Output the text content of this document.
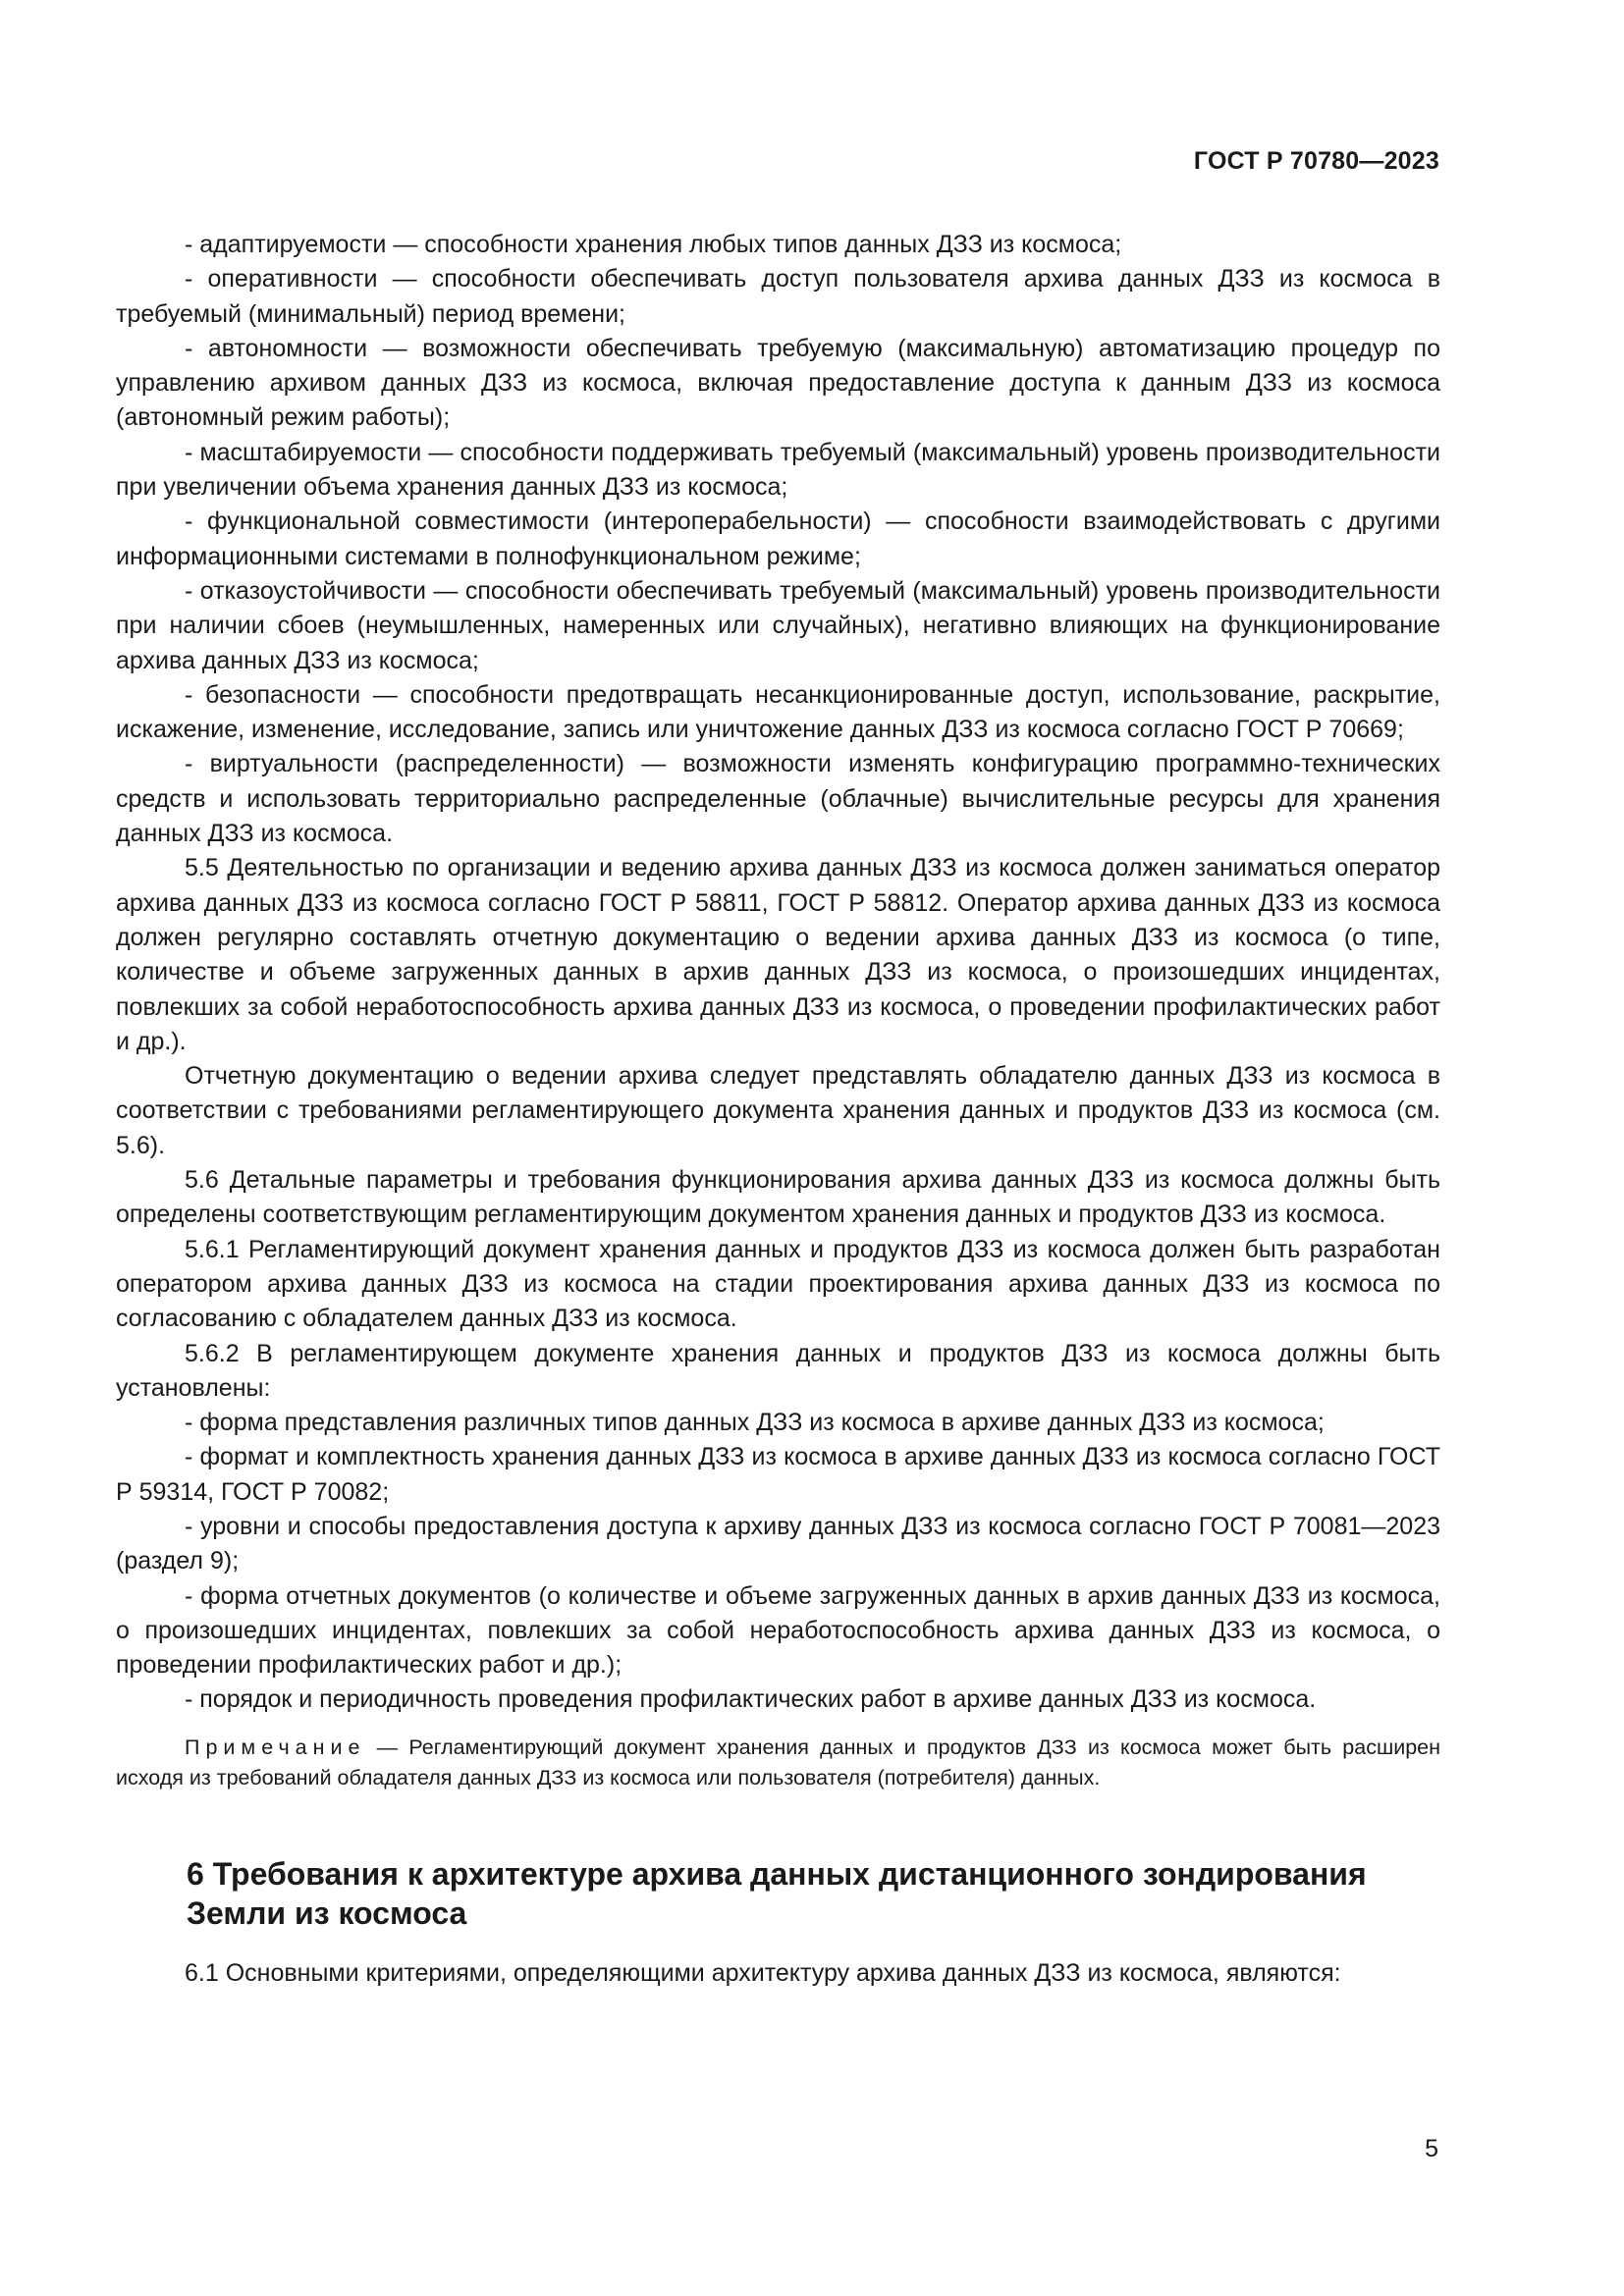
ГОСТ Р 70780—2023

- адаптируемости — способности хранения любых типов данных ДЗЗ из космоса;

- оперативности — способности обеспечивать доступ пользователя архива данных ДЗЗ из космоса в требуемый (минимальный) период времени;

- автономности — возможности обеспечивать требуемую (максимальную) автоматизацию процедур по управлению архивом данных ДЗЗ из космоса, включая предоставление доступа к данным ДЗЗ из космоса (автономный режим работы);

- масштабируемости — способности поддерживать требуемый (максимальный) уровень производительности при увеличении объема хранения данных ДЗЗ из космоса;

- функциональной совместимости (интероперабельности) — способности взаимодействовать с другими информационными системами в полнофункциональном режиме;

- отказоустойчивости — способности обеспечивать требуемый (максимальный) уровень производительности при наличии сбоев (неумышленных, намеренных или случайных), негативно влияющих на функционирование архива данных ДЗЗ из космоса;

- безопасности — способности предотвращать несанкционированные доступ, использование, раскрытие, искажение, изменение, исследование, запись или уничтожение данных ДЗЗ из космоса согласно ГОСТ Р 70669;

- виртуальности (распределенности) — возможности изменять конфигурацию программно-технических средств и использовать территориально распределенные (облачные) вычислительные ресурсы для хранения данных ДЗЗ из космоса.

5.5 Деятельностью по организации и ведению архива данных ДЗЗ из космоса должен заниматься оператор архива данных ДЗЗ из космоса согласно ГОСТ Р 58811, ГОСТ Р 58812. Оператор архива данных ДЗЗ из космоса должен регулярно составлять отчетную документацию о ведении архива данных ДЗЗ из космоса (о типе, количестве и объеме загруженных данных в архив данных ДЗЗ из космоса, о произошедших инцидентах, повлекших за собой неработоспособность архива данных ДЗЗ из космоса, о проведении профилактических работ и др.).

Отчетную документацию о ведении архива следует представлять обладателю данных ДЗЗ из космоса в соответствии с требованиями регламентирующего документа хранения данных и продуктов ДЗЗ из космоса (см. 5.6).

5.6 Детальные параметры и требования функционирования архива данных ДЗЗ из космоса должны быть определены соответствующим регламентирующим документом хранения данных и продуктов ДЗЗ из космоса.

5.6.1 Регламентирующий документ хранения данных и продуктов ДЗЗ из космоса должен быть разработан оператором архива данных ДЗЗ из космоса на стадии проектирования архива данных ДЗЗ из космоса по согласованию с обладателем данных ДЗЗ из космоса.

5.6.2 В регламентирующем документе хранения данных и продуктов ДЗЗ из космоса должны быть установлены:

- форма представления различных типов данных ДЗЗ из космоса в архиве данных ДЗЗ из космоса;

- формат и комплектность хранения данных ДЗЗ из космоса в архиве данных ДЗЗ из космоса согласно ГОСТ Р 59314, ГОСТ Р 70082;

- уровни и способы предоставления доступа к архиву данных ДЗЗ из космоса согласно ГОСТ Р 70081—2023 (раздел 9);

- форма отчетных документов (о количестве и объеме загруженных данных в архив данных ДЗЗ из космоса, о произошедших инцидентах, повлекших за собой неработоспособность архива данных ДЗЗ из космоса, о проведении профилактических работ и др.);

- порядок и периодичность проведения профилактических работ в архиве данных ДЗЗ из космоса.

Примечание — Регламентирующий документ хранения данных и продуктов ДЗЗ из космоса может быть расширен исходя из требований обладателя данных ДЗЗ из космоса или пользователя (потребителя) данных.

6 Требования к архитектуре архива данных дистанционного зондирования Земли из космоса

6.1 Основными критериями, определяющими архитектуру архива данных ДЗЗ из космоса, являются:

5
